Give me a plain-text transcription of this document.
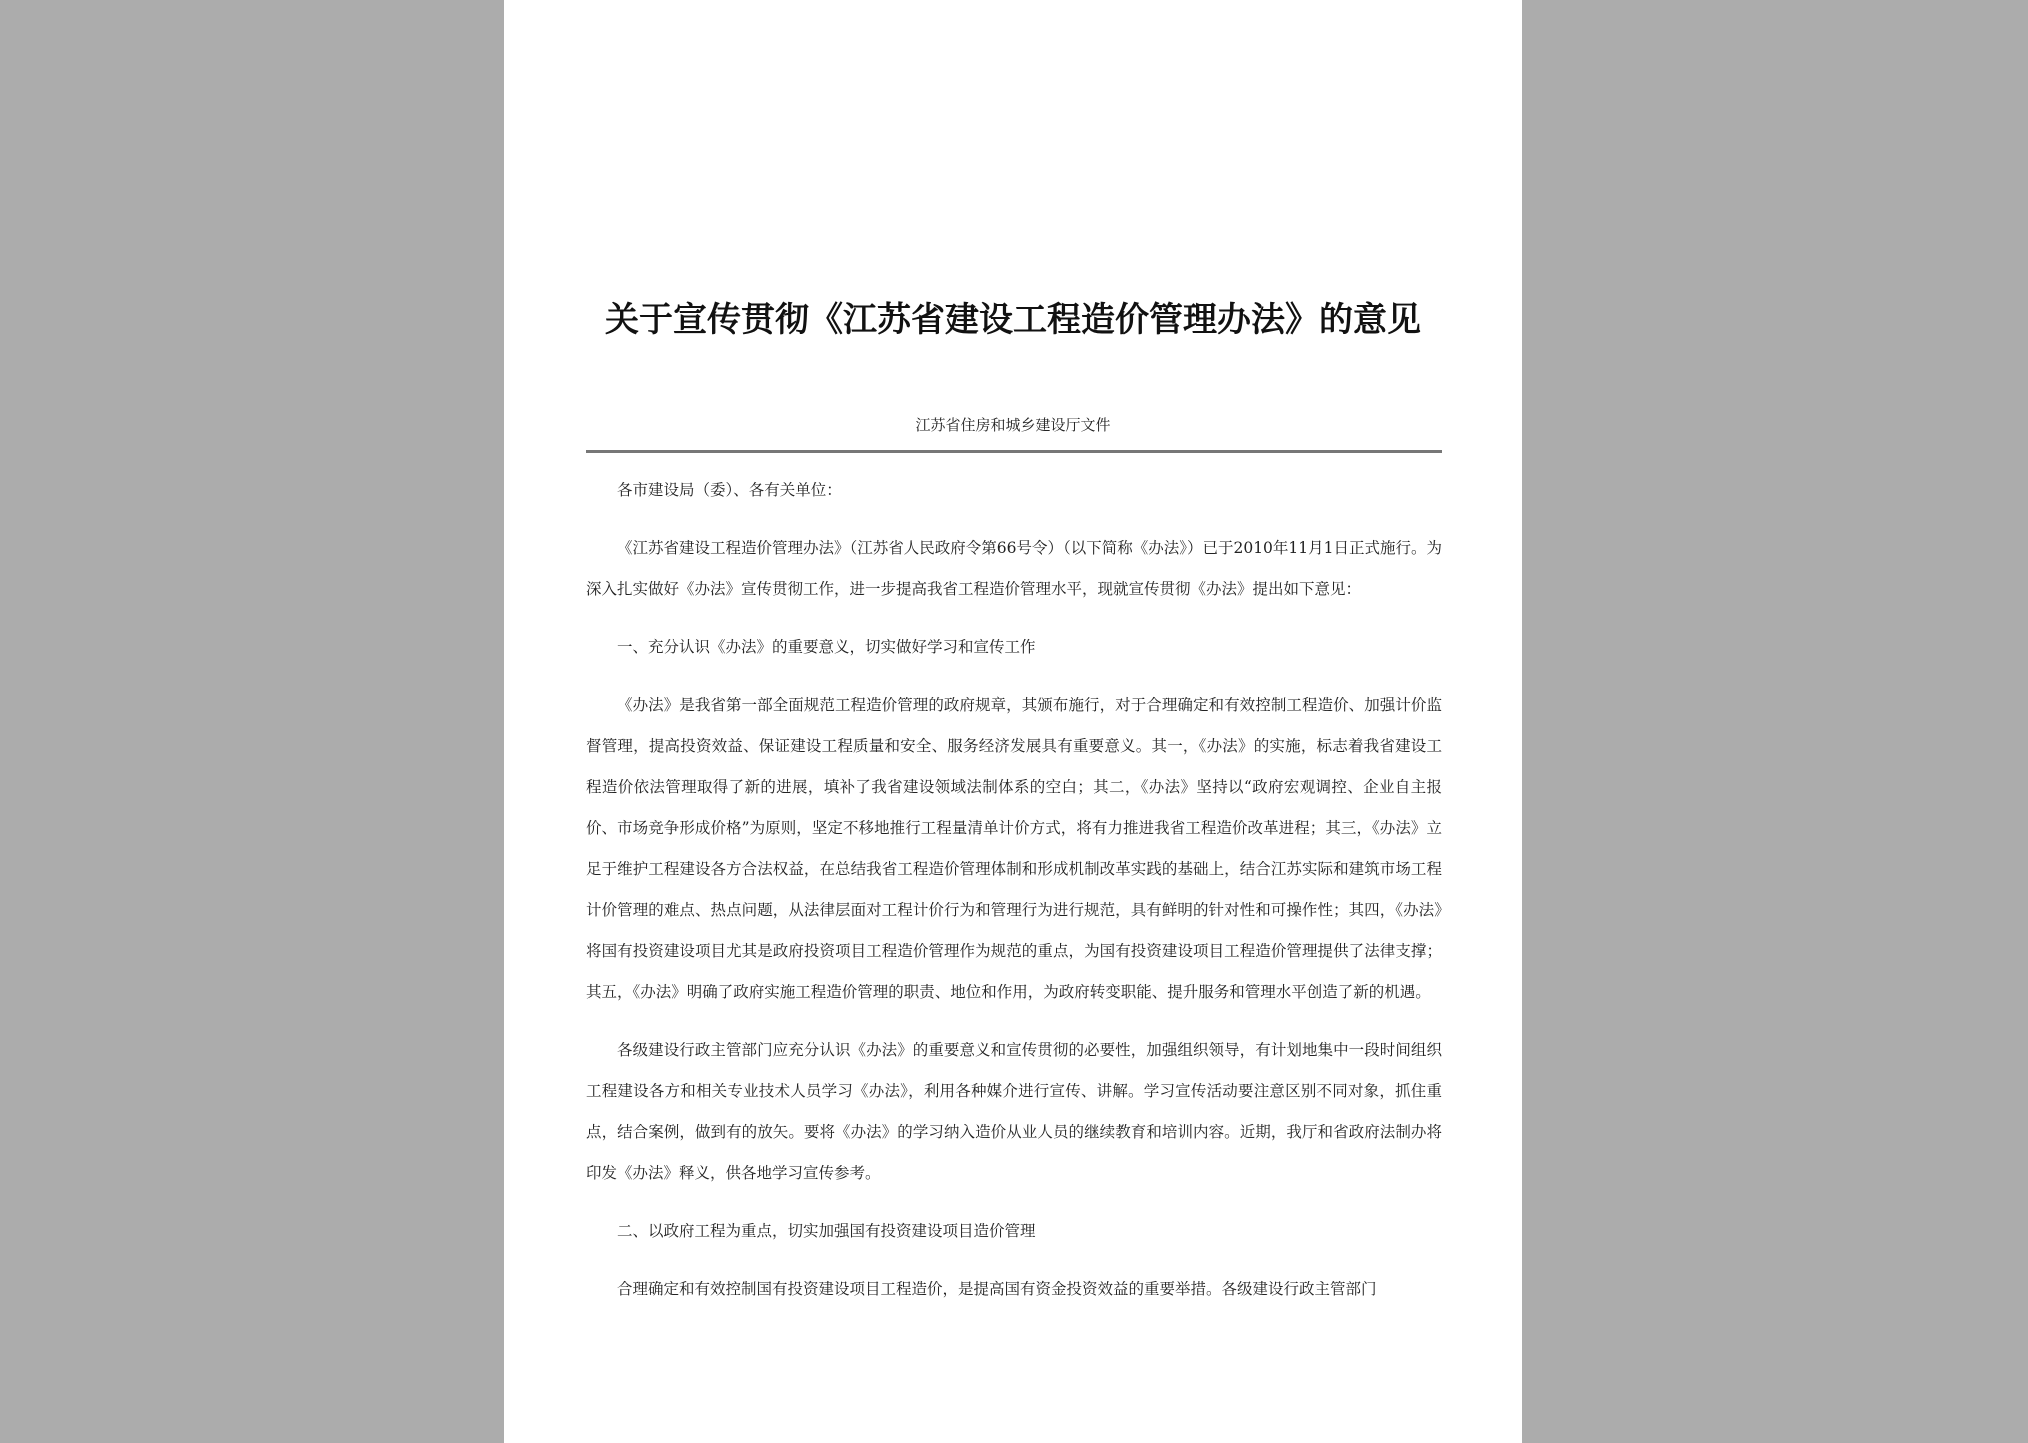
关于宣传贯彻《江苏省建设工程造价管理办法》的意见
江苏省住房和城乡建设厅文件

各市建设局（委）、各有关单位：

《江苏省建设工程造价管理办法》（江苏省人民政府令第66号令）（以下简称《办法》）已于2010年11月1日正式施行。为深入扎实做好《办法》宣传贯彻工作，进一步提高我省工程造价管理水平，现就宣传贯彻《办法》提出如下意见：

一、充分认识《办法》的重要意义，切实做好学习和宣传工作

《办法》是我省第一部全面规范工程造价管理的政府规章，其颁布施行，对于合理确定和有效控制工程造价、加强计价监督管理，提高投资效益、保证建设工程质量和安全、服务经济发展具有重要意义。其一，《办法》的实施，标志着我省建设工程造价依法管理取得了新的进展，填补了我省建设领域法制体系的空白；其二，《办法》坚持以“政府宏观调控、企业自主报价、市场竞争形成价格”为原则，坚定不移地推行工程量清单计价方式，将有力推进我省工程造价改革进程；其三，《办法》立足于维护工程建设各方合法权益，在总结我省工程造价管理体制和形成机制改革实践的基础上，结合江苏实际和建筑市场工程计价管理的难点、热点问题，从法律层面对工程计价行为和管理行为进行规范，具有鲜明的针对性和可操作性；其四，《办法》将国有投资建设项目尤其是政府投资项目工程造价管理作为规范的重点，为国有投资建设项目工程造价管理提供了法律支撑；其五，《办法》明确了政府实施工程造价管理的职责、地位和作用，为政府转变职能、提升服务和管理水平创造了新的机遇。

各级建设行政主管部门应充分认识《办法》的重要意义和宣传贯彻的必要性，加强组织领导，有计划地集中一段时间组织工程建设各方和相关专业技术人员学习《办法》，利用各种媒介进行宣传、讲解。学习宣传活动要注意区别不同对象，抓住重点，结合案例，做到有的放矢。要将《办法》的学习纳入造价从业人员的继续教育和培训内容。近期，我厅和省政府法制办将印发《办法》释义，供各地学习宣传参考。

二、以政府工程为重点，切实加强国有投资建设项目造价管理

合理确定和有效控制国有投资建设项目工程造价，是提高国有资金投资效益的重要举措。各级建设行政主管部门
